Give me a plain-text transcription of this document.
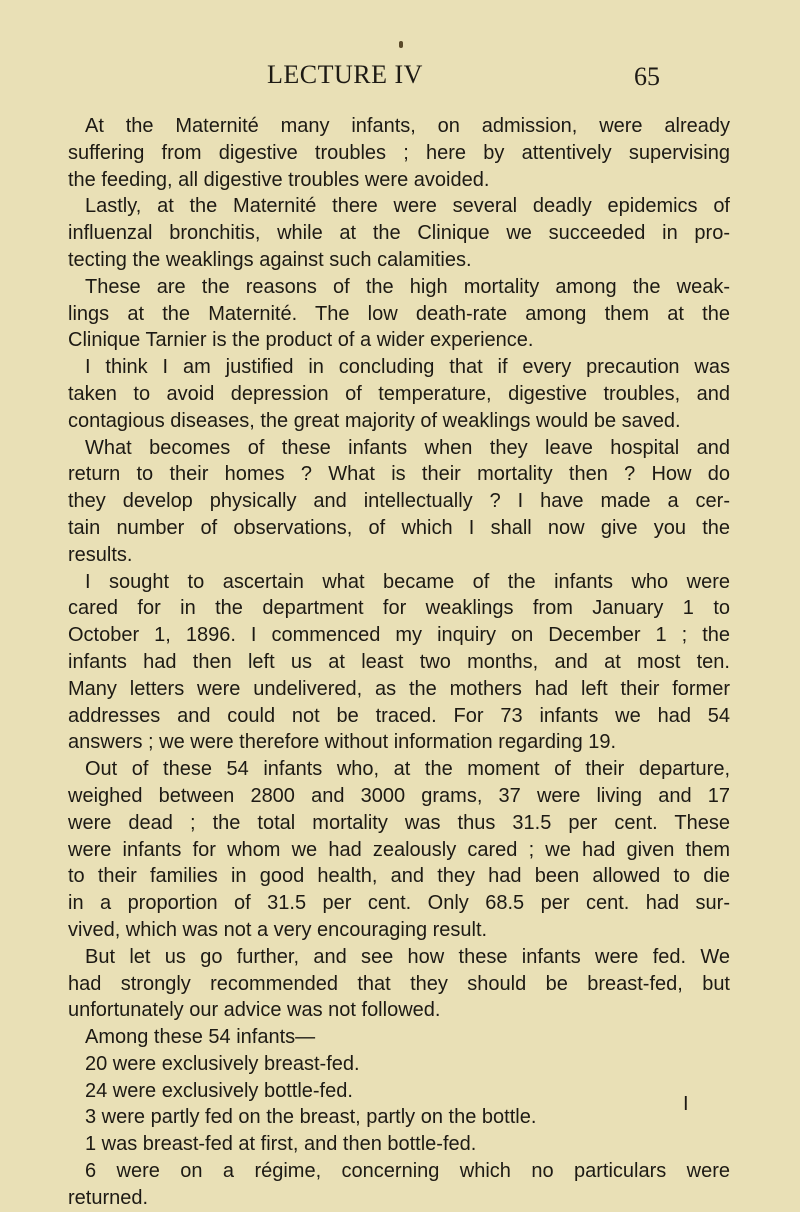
LECTURE IV	65
At the Maternité many infants, on admission, were already
suffering from digestive troubles ; here by attentively supervising
the feeding, all digestive troubles were avoided.
Lastly, at the Maternité there were several deadly epidemics of
influenzal bronchitis, while at the Clinique we succeeded in pro-
tecting the weaklings against such calamities.
These are the reasons of the high mortality among the weak-
lings at the Maternité. The low death-rate among them at the
Clinique Tarnier is the product of a wider experience.
I think I am justified in concluding that if every precaution was
taken to avoid depression of temperature, digestive troubles, and
contagious diseases, the great majority of weaklings would be saved.
What becomes of these infants when they leave hospital and
return to their homes ? What is their mortality then ? How do
they develop physically and intellectually ? I have made a cer-
tain number of observations, of which I shall now give you the
results.
I sought to ascertain what became of the infants who were
cared for in the department for weaklings from January 1 to
October 1, 1896. I commenced my inquiry on December 1 ; the
infants had then left us at least two months, and at most ten.
Many letters were undelivered, as the mothers had left their former
addresses and could not be traced. For 73 infants we had 54
answers ; we were therefore without information regarding 19.
Out of these 54 infants who, at the moment of their departure,
weighed between 2800 and 3000 grams, 37 were living and 17
were dead ; the total mortality was thus 31.5 per cent. These
were infants for whom we had zealously cared ; we had given them
to their families in good health, and they had been allowed to die
in a proportion of 31.5 per cent. Only 68.5 per cent. had sur-
vived, which was not a very encouraging result.
But let us go further, and see how these infants were fed. We
had strongly recommended that they should be breast-fed, but
unfortunately our advice was not followed.
Among these 54 infants—
20 were exclusively breast-fed.
24 were exclusively bottle-fed.
3 were partly fed on the breast, partly on the bottle.
1 was breast-fed at first, and then bottle-fed.
6 were on a régime, concerning which no particulars were
returned.
I
